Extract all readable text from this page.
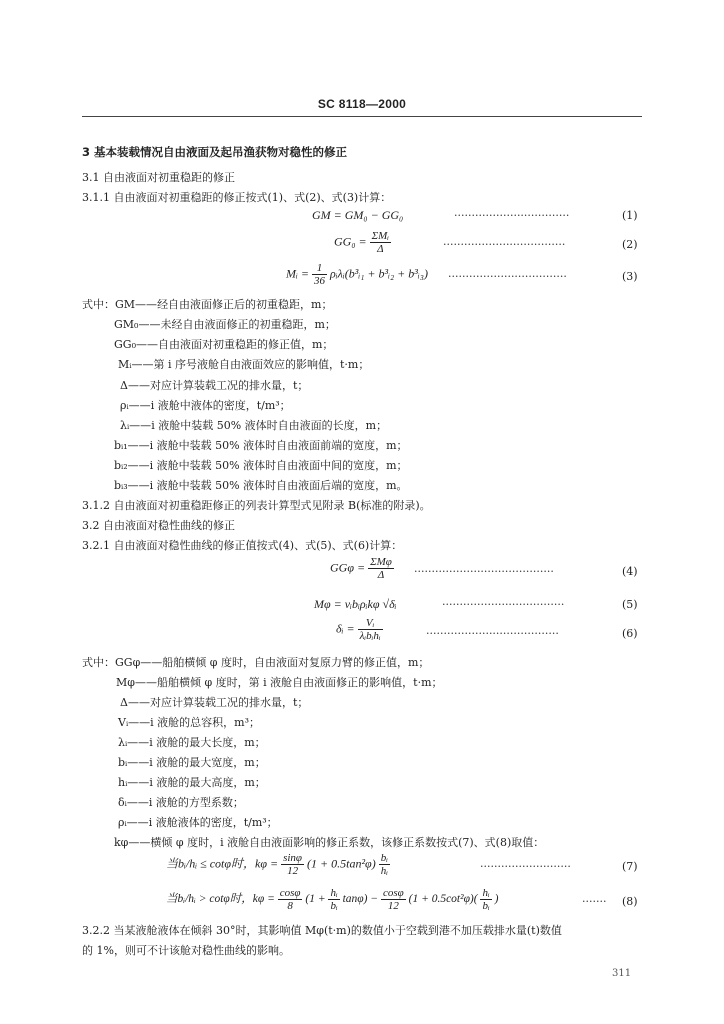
SC 8118—2000
3 基本装载情况自由液面及起吊渔获物对稳性的修正
3.1 自由液面对初重稳距的修正
3.1.1 自由液面对初重稳距的修正按式(1)、式(2)、式(3)计算：
GM = GM₀ − GG₀	·································	(1)
$GG_0 = \frac{\text{ΣMᵢ}}{\Delta}$	···································	(2)
Mᵢ = $\frac{1}{36}$ ρᵢλᵢ(b³ᵢ₁ + b³ᵢ₂ + b³ᵢ₃) ··································	(3)
式中：GM——经自由液面修正后的初重稳距，m；
GM₀——未经自由液面修正的初重稳距，m；
GG₀——自由液面对初重稳距的修正值，m；
Mᵢ——第 i 序号液舱自由液面效应的影响值，t·m；
Δ——对应计算装载工况的排水量，t；
ρᵢ——i 液舱中液体的密度，t/m³；
λᵢ——i 液舱中装载 50% 液体时自由液面的长度，m；
bᵢ₁——i 液舱中装载 50% 液体时自由液面前端的宽度，m；
bᵢ₂——i 液舱中装载 50% 液体时自由液面中间的宽度，m；
bᵢ₃——i 液舱中装载 50% 液体时自由液面后端的宽度，m。
3.1.2 自由液面对初重稳距修正的列表计算型式见附录 B(标准的附录)。
3.2 自由液面对稳性曲线的修正
3.2.1 自由液面对稳性曲线的修正值按式(4)、式(5)、式(6)计算：
$GG\varphi = \frac{\text{ΣMφ}}{\Delta}$ ········································	(4)
Mφ = νᵢbᵢρᵢkφ √δᵢ	···································	(5)
δᵢ = $\frac{\text{Vᵢ}}{\text{λᵢbᵢhᵢ}}$	······································	(6)
式中：GGφ——船舶横倾 φ 度时，自由液面对复原力臂的修正值，m；
Mφ——船舶横倾 φ 度时，第 i 液舱自由液面修正的影响值，t·m；
Δ——对应计算装载工况的排水量，t；
Vᵢ——i 液舱的总容积，m³；
λᵢ——i 液舱的最大长度，m；
bᵢ——i 液舱的最大宽度，m；
hᵢ——i 液舱的最大高度，m；
δᵢ——i 液舱的方型系数；
ρᵢ——i 液舱液体的密度，t/m³；
kφ——横倾 φ 度时，i 液舱自由液面影响的修正系数，该修正系数按式(7)、式(8)取值：
当bᵢ/hᵢ ≤ cotφ时，$k\varphi = \frac{\sin\varphi}{12} (1 + 0.5\tan^2\varphi) \frac{\text{bᵢ}}{\text{hᵢ}}$	··························	(7)
当bᵢ/hᵢ > cotφ时，$k\varphi = \frac{\cos\varphi}{8} (1 + \frac{\text{hᵢ}}{\text{bᵢ}} \tan\varphi) - \frac{\cos\varphi}{12} (1 + 0.5\cot^2\varphi)( \frac{\text{hᵢ}}{\text{bᵢ}}$ )	······· (8)
3.2.2 当某液舱液体在倾斜 30°时，其影响值 Mφ(t·m)的数值小于空载到港不加压载排水量(t)数值
的 1%，则可不计该舱对稳性曲线的影响。
311
